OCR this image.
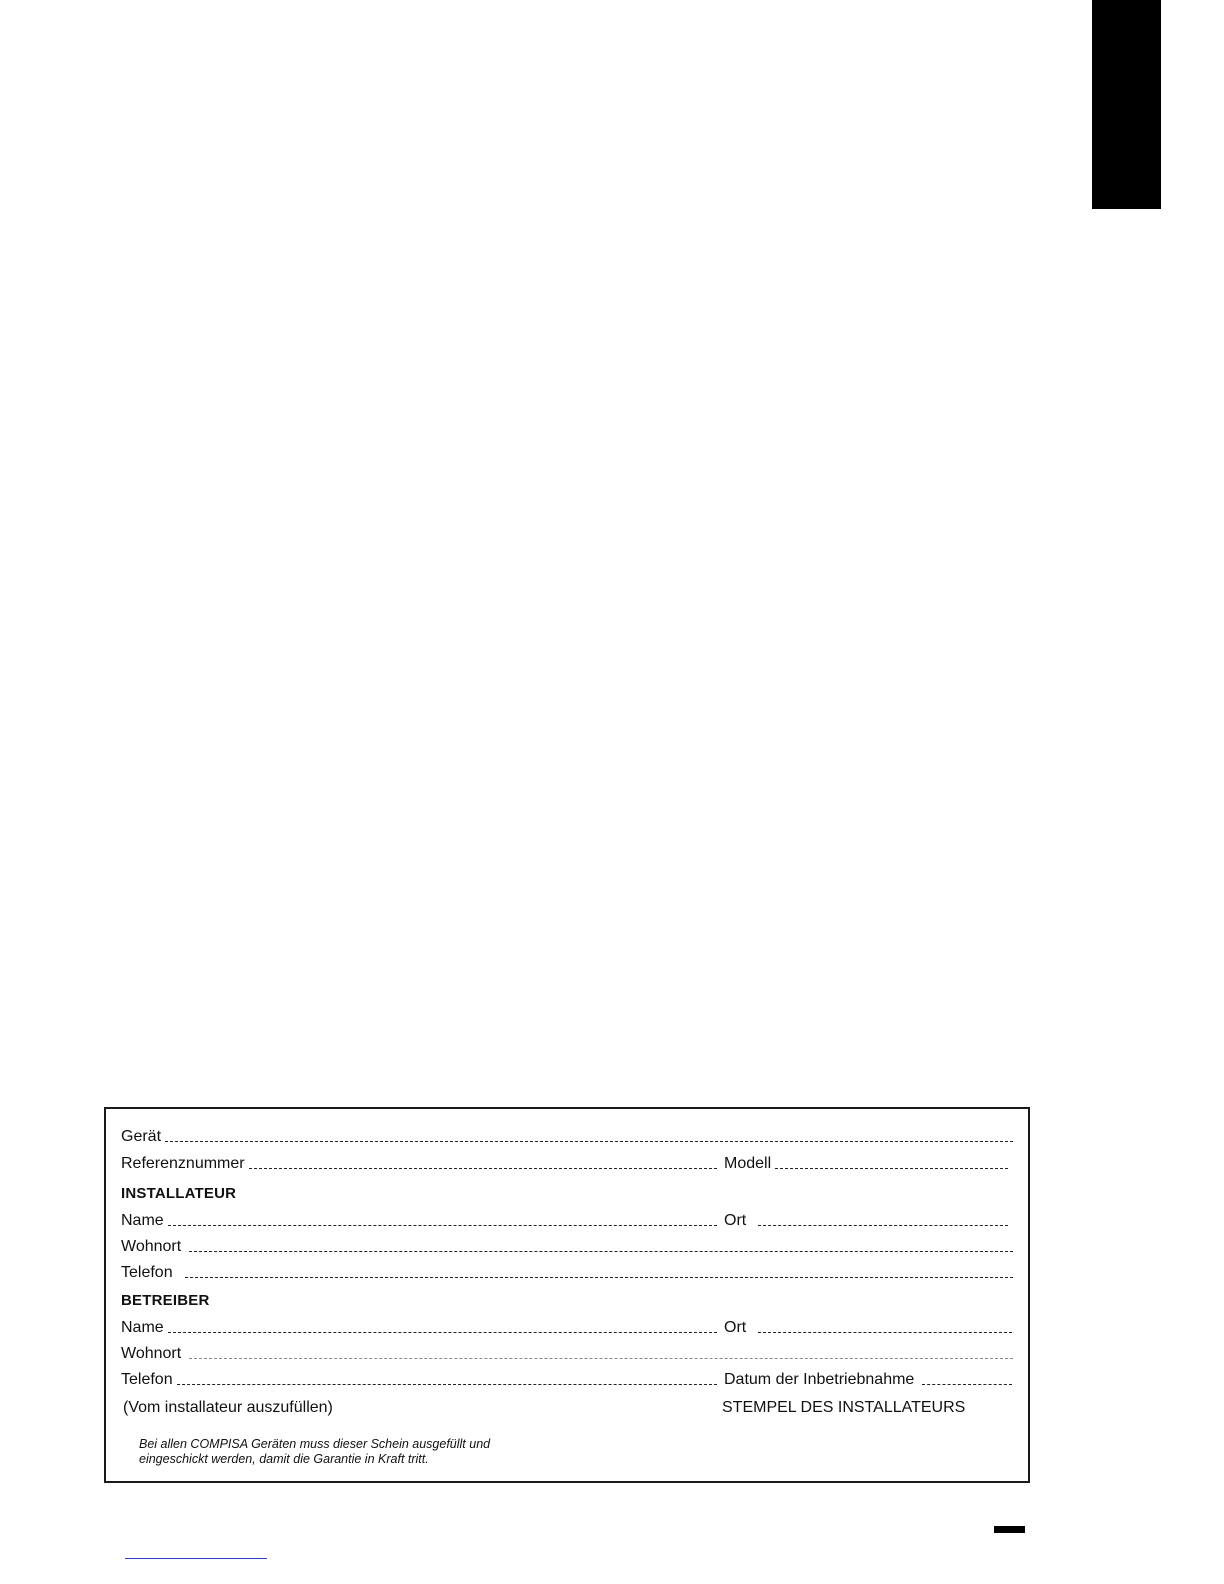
Gerät
Referenznummer	Modell
INSTALLATEUR
Name	Ort
Wohnort
Telefon
BETREIBER
Name	Ort
Wohnort
Telefon	Datum der Inbetriebnahme
(Vom installateur auszufüllen)	STEMPEL DES INSTALLATEURS
Bei allen COMPISA Geräten muss dieser Schein ausgefüllt und
eingeschickt werden, damit die Garantie in Kraft tritt.
